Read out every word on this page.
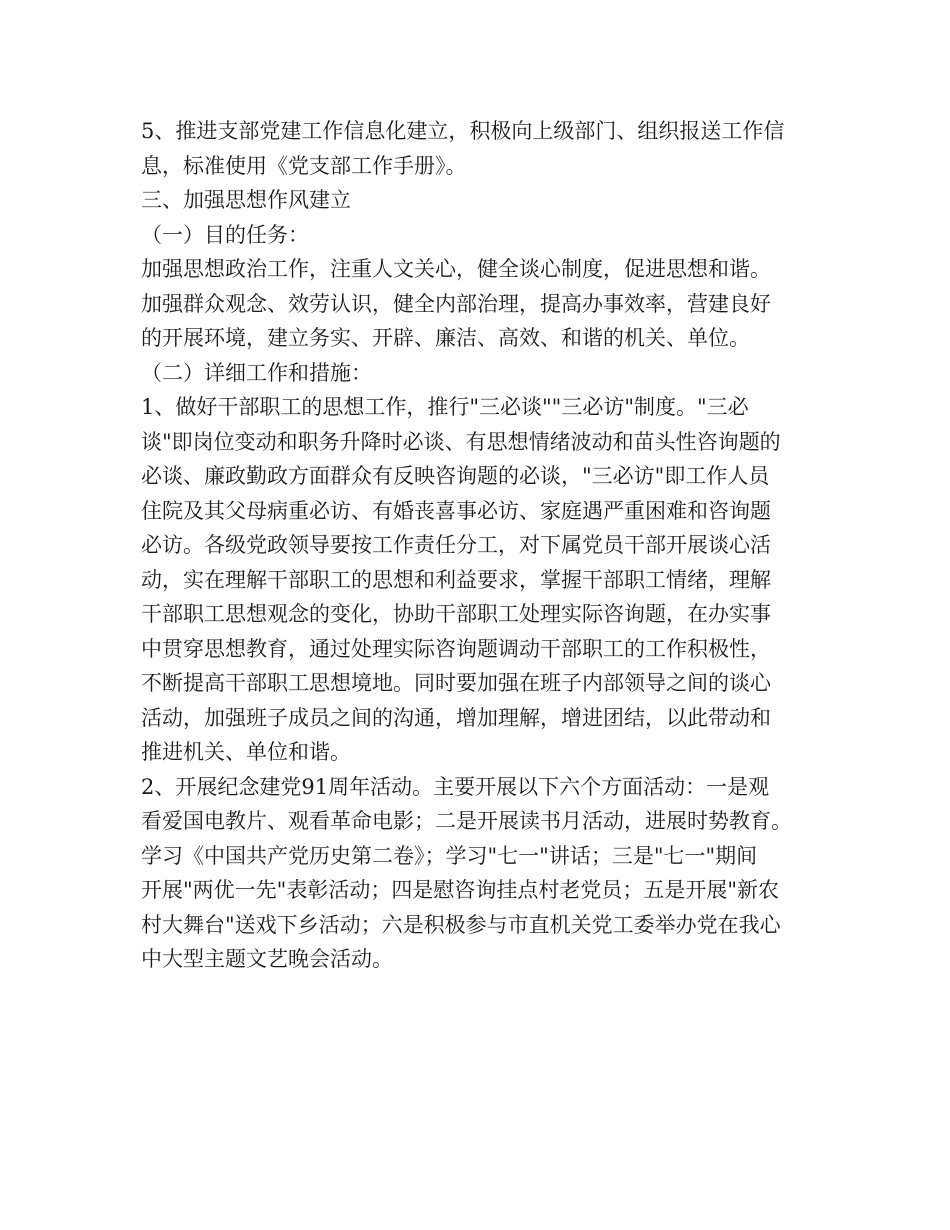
5、推进支部党建工作信息化建立，积极向上级部门、组织报送工作信
息，标准使用《党支部工作手册》。
三、加强思想作风建立
（一）目的任务：
加强思想政治工作，注重人文关心，健全谈心制度，促进思想和谐。
加强群众观念、效劳认识，健全内部治理，提高办事效率，营建良好
的开展环境，建立务实、开辟、廉洁、高效、和谐的机关、单位。
（二）详细工作和措施：
1、做好干部职工的思想工作，推行"三必谈""三必访"制度。"三必
谈"即岗位变动和职务升降时必谈、有思想情绪波动和苗头性咨询题的
必谈、廉政勤政方面群众有反映咨询题的必谈，"三必访"即工作人员
住院及其父母病重必访、有婚丧喜事必访、家庭遇严重困难和咨询题
必访。各级党政领导要按工作责任分工，对下属党员干部开展谈心活
动，实在理解干部职工的思想和利益要求，掌握干部职工情绪，理解
干部职工思想观念的变化，协助干部职工处理实际咨询题，在办实事
中贯穿思想教育，通过处理实际咨询题调动干部职工的工作积极性，
不断提高干部职工思想境地。同时要加强在班子内部领导之间的谈心
活动，加强班子成员之间的沟通，增加理解，增进团结，以此带动和
推进机关、单位和谐。
2、开展纪念建党91周年活动。主要开展以下六个方面活动：一是观
看爱国电教片、观看革命电影；二是开展读书月活动，进展时势教育。
学习《中国共产党历史第二卷》；学习"七一"讲话；三是"七一"期间
开展"两优一先"表彰活动；四是慰咨询挂点村老党员；五是开展"新农
村大舞台"送戏下乡活动；六是积极参与市直机关党工委举办党在我心
中大型主题文艺晚会活动。
